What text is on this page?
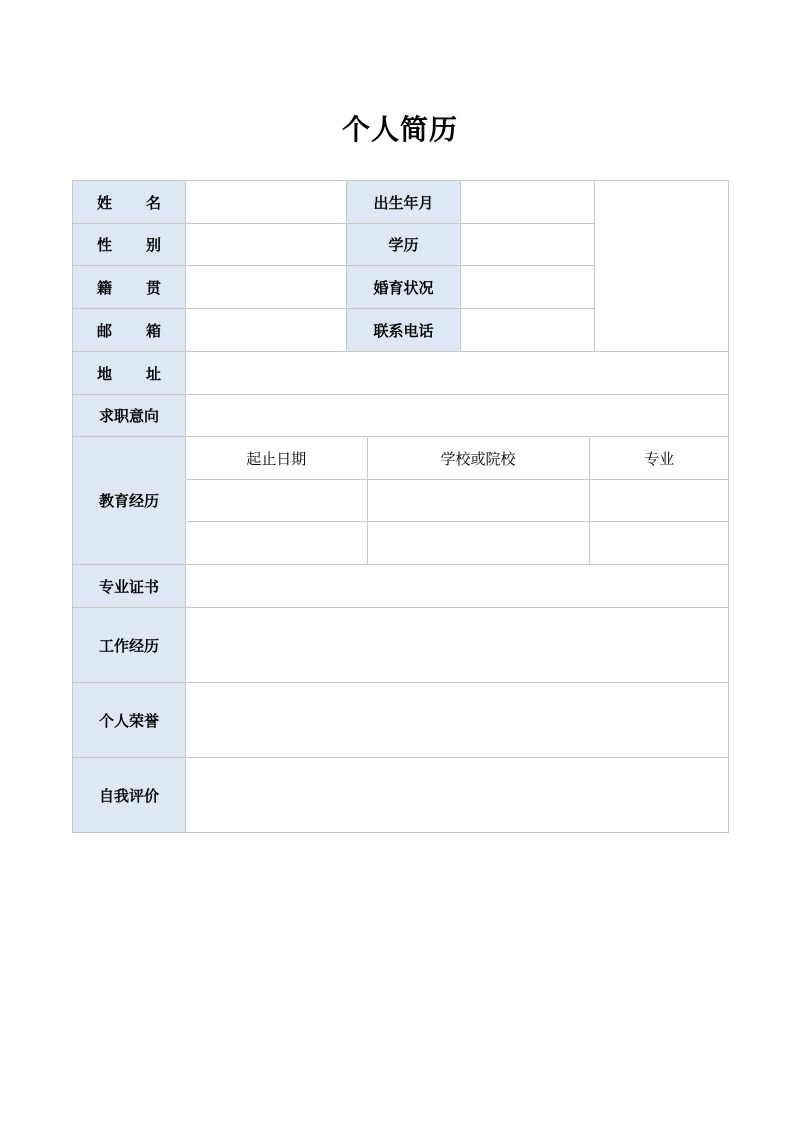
个人简历
姓 名		出生年月		

性 别		学历	

籍 贯		婚育状况	

邮 箱		联系电话	

地 址

求职意向	
教育经历	
起止日期	学校或院校	专业

专业证书	
工作经历	
个人荣誉	
自我评价	
